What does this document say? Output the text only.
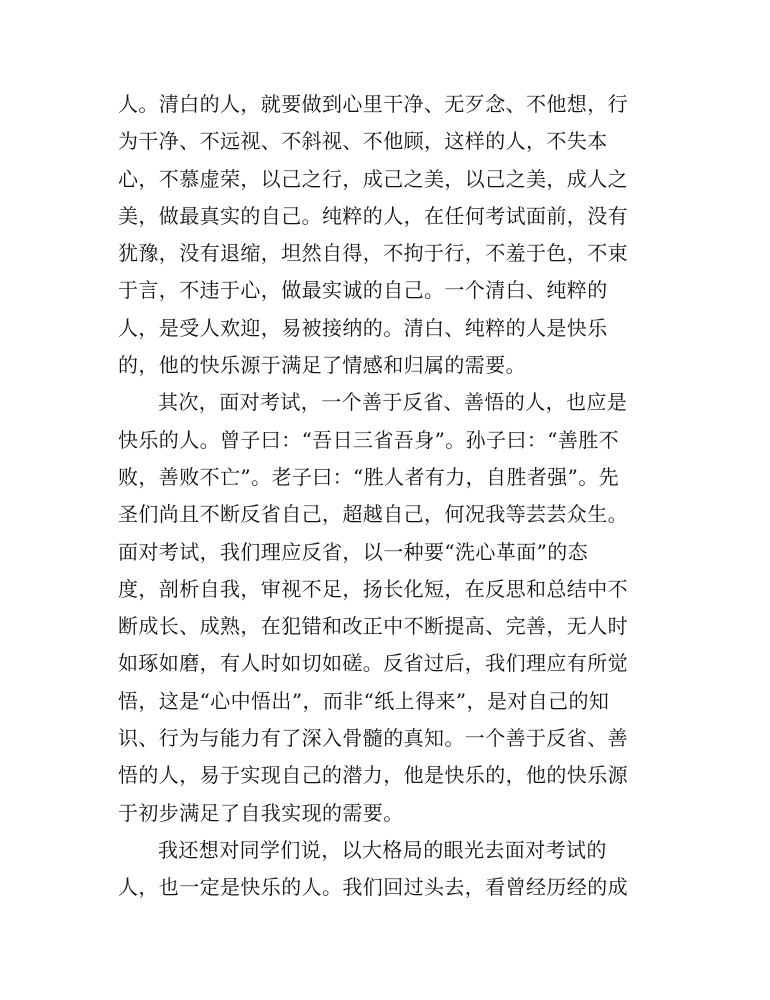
人。清白的人，就要做到心里干净、无歹念、不他想，行
为干净、不远视、不斜视、不他顾，这样的人，不失本
心，不慕虚荣，以己之行，成己之美，以己之美，成人之
美，做最真实的自己。纯粹的人，在任何考试面前，没有
犹豫，没有退缩，坦然自得，不拘于行，不羞于色，不束
于言，不违于心，做最实诚的自己。一个清白、纯粹的
人，是受人欢迎，易被接纳的。清白、纯粹的人是快乐
的，他的快乐源于满足了情感和归属的需要。
其次，面对考试，一个善于反省、善悟的人，也应是
快乐的人。曾子曰：“吾日三省吾身”。孙子曰：“善胜不
败，善败不亡”。老子曰：“胜人者有力，自胜者强”。先
圣们尚且不断反省自己，超越自己，何况我等芸芸众生。
面对考试，我们理应反省，以一种要“洗心革面”的态
度，剖析自我，审视不足，扬长化短，在反思和总结中不
断成长、成熟，在犯错和改正中不断提高、完善，无人时
如琢如磨，有人时如切如磋。反省过后，我们理应有所觉
悟，这是“心中悟出”，而非“纸上得来”，是对自己的知
识、行为与能力有了深入骨髓的真知。一个善于反省、善
悟的人，易于实现自己的潜力，他是快乐的，他的快乐源
于初步满足了自我实现的需要。
我还想对同学们说，以大格局的眼光去面对考试的
人，也一定是快乐的人。我们回过头去，看曾经历经的成
